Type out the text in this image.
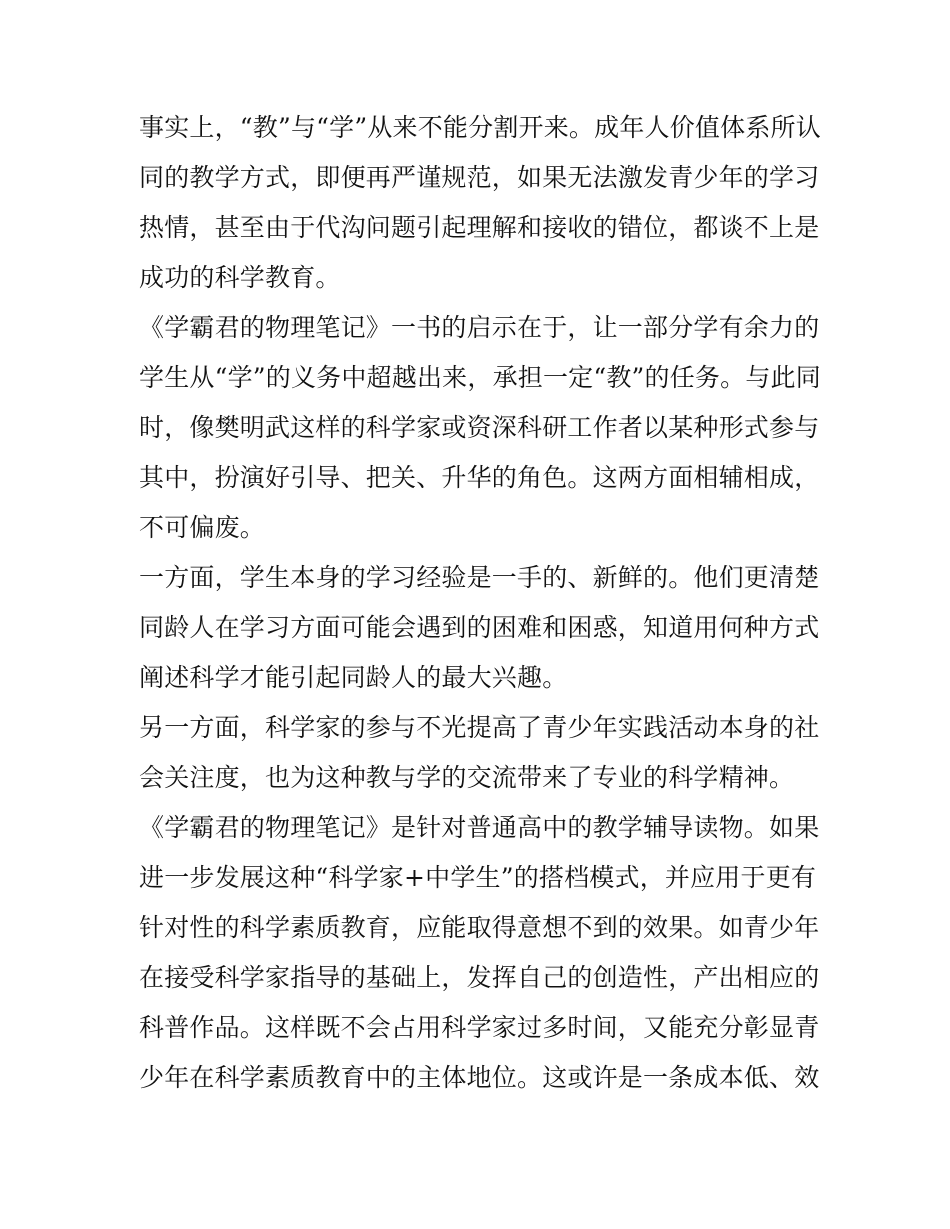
事实上，“教”与“学”从来不能分割开来。成年人价值体系所认
同的教学方式，即便再严谨规范，如果无法激发青少年的学习
热情，甚至由于代沟问题引起理解和接收的错位，都谈不上是
成功的科学教育。

《学霸君的物理笔记》一书的启示在于，让一部分学有余力的
学生从“学”的义务中超越出来，承担一定“教”的任务。与此同
时，像樊明武这样的科学家或资深科研工作者以某种形式参与
其中，扮演好引导、把关、升华的角色。这两方面相辅相成，
不可偏废。

一方面，学生本身的学习经验是一手的、新鲜的。他们更清楚
同龄人在学习方面可能会遇到的困难和困惑，知道用何种方式
阐述科学才能引起同龄人的最大兴趣。

另一方面，科学家的参与不光提高了青少年实践活动本身的社
会关注度，也为这种教与学的交流带来了专业的科学精神。

《学霸君的物理笔记》是针对普通高中的教学辅导读物。如果
进一步发展这种“科学家+中学生”的搭档模式，并应用于更有
针对性的科学素质教育，应能取得意想不到的效果。如青少年
在接受科学家指导的基础上，发挥自己的创造性，产出相应的
科普作品。这样既不会占用科学家过多时间，又能充分彰显青
少年在科学素质教育中的主体地位。这或许是一条成本低、效
